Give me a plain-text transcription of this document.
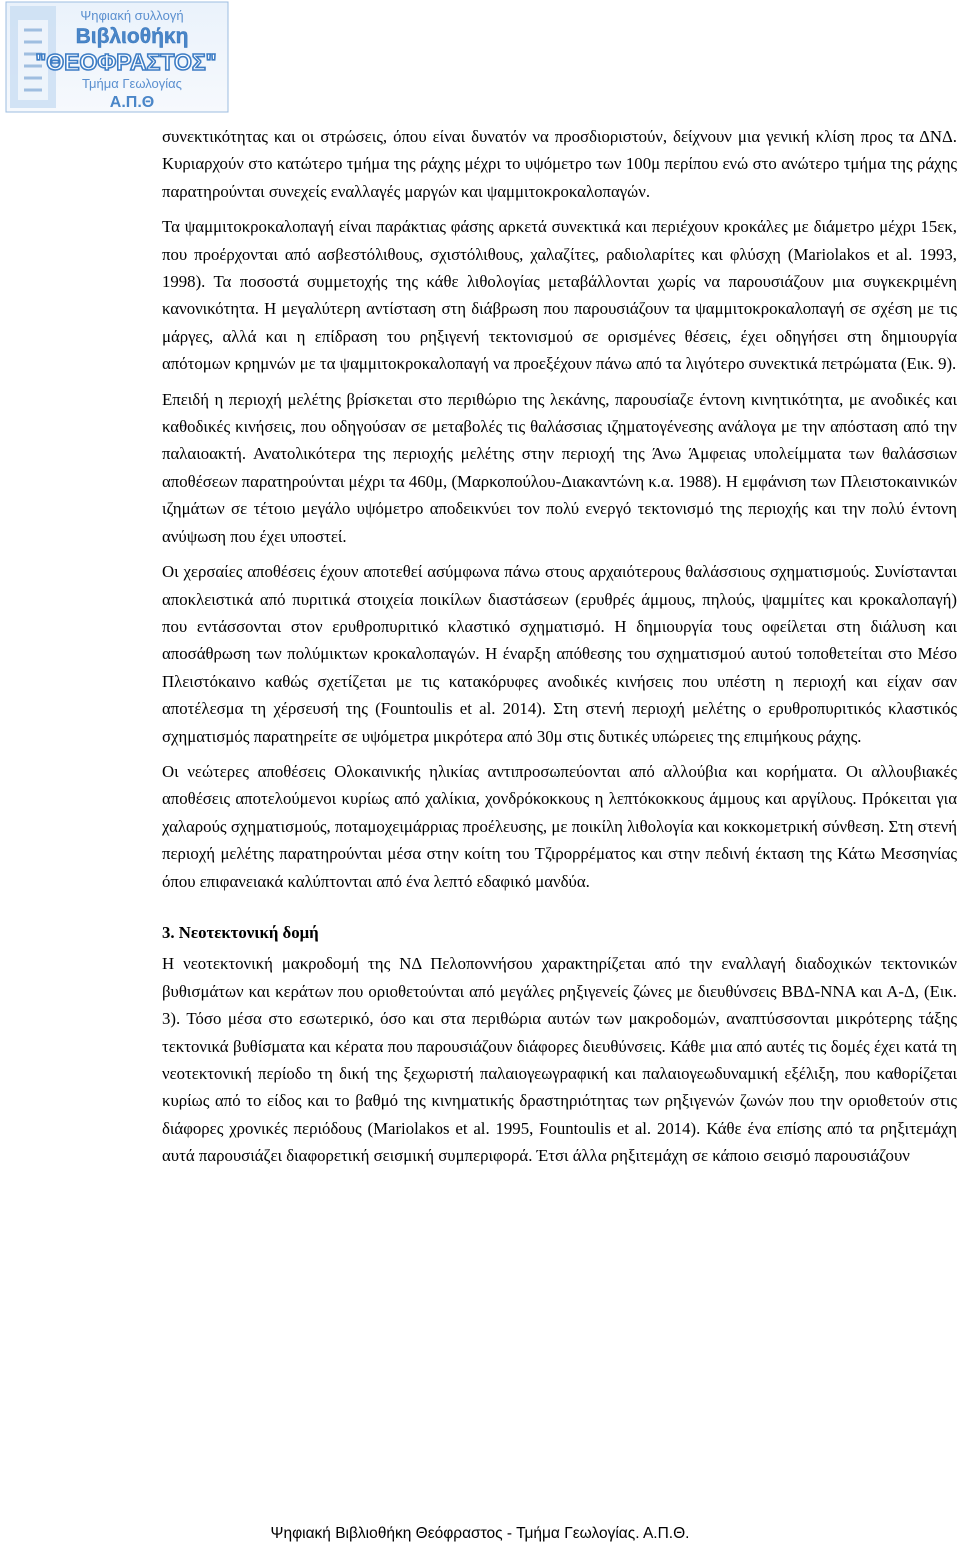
Ψηφιακή συλλογή
Βιβλιοθήκη
"ΘΕΟΦΡΑΣΤΟΣ"
Τμήμα Γεωλογίας
Α.Π.Θ

συνεκτικότητας και οι στρώσεις, όπου είναι δυνατόν να προσδιοριστούν, δείχνουν μια γενική κλίση προς τα ΔΝΔ. Κυριαρχούν στο κατώτερο τμήμα της ράχης μέχρι το υψόμετρο των 100μ περίπου ενώ στο ανώτερο τμήμα της ράχης παρατηρούνται συνεχείς εναλλαγές μαργών και ψαμμιτοκροκαλοπαγών.

Τα ψαμμιτοκροκαλοπαγή είναι παράκτιας φάσης αρκετά συνεκτικά και περιέχουν κροκάλες με διάμετρο μέχρι 15εκ, που προέρχονται από ασβεστόλιθους, σχιστόλιθους, χαλαζίτες, ραδιολαρίτες και φλύσχη (Mariolakos et al. 1993, 1998). Τα ποσοστά συμμετοχής της κάθε λιθολογίας μεταβάλλονται χωρίς να παρουσιάζουν μια συγκεκριμένη κανονικότητα. Η μεγαλύτερη αντίσταση στη διάβρωση που παρουσιάζουν τα ψαμμιτοκροκαλοπαγή σε σχέση με τις μάργες, αλλά και η επίδραση του ρηξιγενή τεκτονισμού σε ορισμένες θέσεις, έχει οδηγήσει στη δημιουργία απότομων κρημνών με τα ψαμμιτοκροκαλοπαγή να προεξέχουν πάνω από τα λιγότερο συνεκτικά πετρώματα (Εικ. 9).

Επειδή η περιοχή μελέτης βρίσκεται στο περιθώριο της λεκάνης, παρουσίαζε έντονη κινητικότητα, με ανοδικές και καθοδικές κινήσεις, που οδηγούσαν σε μεταβολές τις θαλάσσιας ιζηματογένεσης ανάλογα με την απόσταση από την παλαιοακτή. Ανατολικότερα της περιοχής μελέτης στην περιοχή της Άνω Άμφειας υπολείμματα των θαλάσσιων αποθέσεων παρατηρούνται μέχρι τα 460μ, (Μαρκοπούλου-Διακαντώνη κ.α. 1988). Η εμφάνιση των Πλειστοκαινικών ιζημάτων σε τέτοιο μεγάλο υψόμετρο αποδεικνύει τον πολύ ενεργό τεκτονισμό της περιοχής και την πολύ έντονη ανύψωση που έχει υποστεί.

Οι χερσαίες αποθέσεις έχουν αποτεθεί ασύμφωνα πάνω στους αρχαιότερους θαλάσσιους σχηματισμούς. Συνίστανται αποκλειστικά από πυριτικά στοιχεία ποικίλων διαστάσεων (ερυθρές άμμους, πηλούς, ψαμμίτες και κροκαλοπαγή) που εντάσσονται στον ερυθροπυριτικό κλαστικό σχηματισμό. Η δημιουργία τους οφείλεται στη διάλυση και αποσάθρωση των πολύμικτων κροκαλοπαγών. Η έναρξη απόθεσης του σχηματισμού αυτού τοποθετείται στο Μέσο Πλειστόκαινο καθώς σχετίζεται με τις κατακόρυφες ανοδικές κινήσεις που υπέστη η περιοχή και είχαν σαν αποτέλεσμα τη χέρσευσή της (Fountoulis et al. 2014). Στη στενή περιοχή μελέτης ο ερυθροπυριτικός κλαστικός σχηματισμός παρατηρείτε σε υψόμετρα μικρότερα από 30μ στις δυτικές υπώρειες της επιμήκους ράχης.

Οι νεώτερες αποθέσεις Ολοκαινικής ηλικίας αντιπροσωπεύονται από αλλούβια και κορήματα. Οι αλλουβιακές αποθέσεις αποτελούμενοι κυρίως από χαλίκια, χονδρόκοκκους η λεπτόκοκκους άμμους και αργίλους. Πρόκειται για χαλαρούς σχηματισμούς, ποταμοχειμάρριας προέλευσης, με ποικίλη λιθολογία και κοκκομετρική σύνθεση. Στη στενή περιοχή μελέτης παρατηρούνται μέσα στην κοίτη του Τζιρορρέματος και στην πεδινή έκταση της Κάτω Μεσσηνίας όπου επιφανειακά καλύπτονται από ένα λεπτό εδαφικό μανδύα.

3. Νεοτεκτονική δομή

Η νεοτεκτονική μακροδομή της ΝΔ Πελοποννήσου χαρακτηρίζεται από την εναλλαγή διαδοχικών τεκτονικών βυθισμάτων και κεράτων που οριοθετούνται από μεγάλες ρηξιγενείς ζώνες με διευθύνσεις ΒΒΔ-ΝΝΑ και Α-Δ, (Εικ. 3). Τόσο μέσα στο εσωτερικό, όσο και στα περιθώρια αυτών των μακροδομών, αναπτύσσονται μικρότερης τάξης τεκτονικά βυθίσματα και κέρατα που παρουσιάζουν διάφορες διευθύνσεις. Κάθε μια από αυτές τις δομές έχει κατά τη νεοτεκτονική περίοδο τη δική της ξεχωριστή παλαιογεωγραφική και παλαιογεωδυναμική εξέλιξη, που καθορίζεται κυρίως από το είδος και το βαθμό της κινηματικής δραστηριότητας των ρηξιγενών ζωνών που την οριοθετούν στις διάφορες χρονικές περιόδους (Mariolakos et al. 1995, Fountoulis et al. 2014). Κάθε ένα επίσης από τα ρηξιτεμάχη αυτά παρουσιάζει διαφορετική σεισμική συμπεριφορά. Έτσι άλλα ρηξιτεμάχη σε κάποιο σεισμό παρουσιάζουν

Ψηφιακή Βιβλιοθήκη Θεόφραστος - Τμήμα Γεωλογίας. Α.Π.Θ.
